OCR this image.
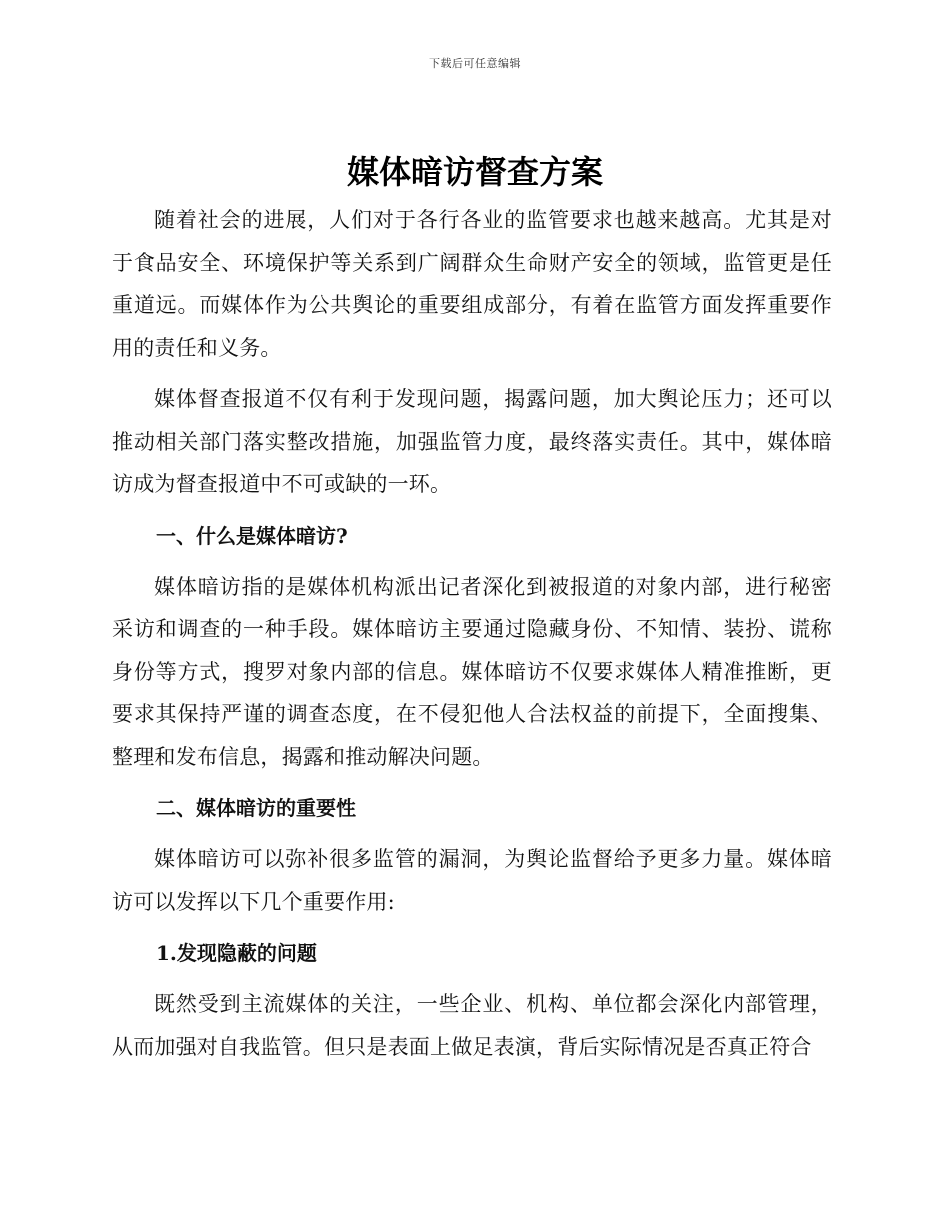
下载后可任意编辑
媒体暗访督查方案

随着社会的进展，人们对于各行各业的监管要求也越来越高。尤其是对于食品安全、环境保护等关系到广阔群众生命财产安全的领域，监管更是任重道远。而媒体作为公共舆论的重要组成部分，有着在监管方面发挥重要作用的责任和义务。

媒体督查报道不仅有利于发现问题，揭露问题，加大舆论压力；还可以推动相关部门落实整改措施，加强监管力度，最终落实责任。其中，媒体暗访成为督查报道中不可或缺的一环。

一、什么是媒体暗访?

媒体暗访指的是媒体机构派出记者深化到被报道的对象内部，进行秘密采访和调查的一种手段。媒体暗访主要通过隐藏身份、不知情、装扮、谎称身份等方式，搜罗对象内部的信息。媒体暗访不仅要求媒体人精准推断，更要求其保持严谨的调查态度，在不侵犯他人合法权益的前提下，全面搜集、整理和发布信息，揭露和推动解决问题。

二、媒体暗访的重要性

媒体暗访可以弥补很多监管的漏洞，为舆论监督给予更多力量。媒体暗访可以发挥以下几个重要作用:

1.发现隐蔽的问题

既然受到主流媒体的关注，一些企业、机构、单位都会深化内部管理，从而加强对自我监管。但只是表面上做足表演，背后实际情况是否真正符合
